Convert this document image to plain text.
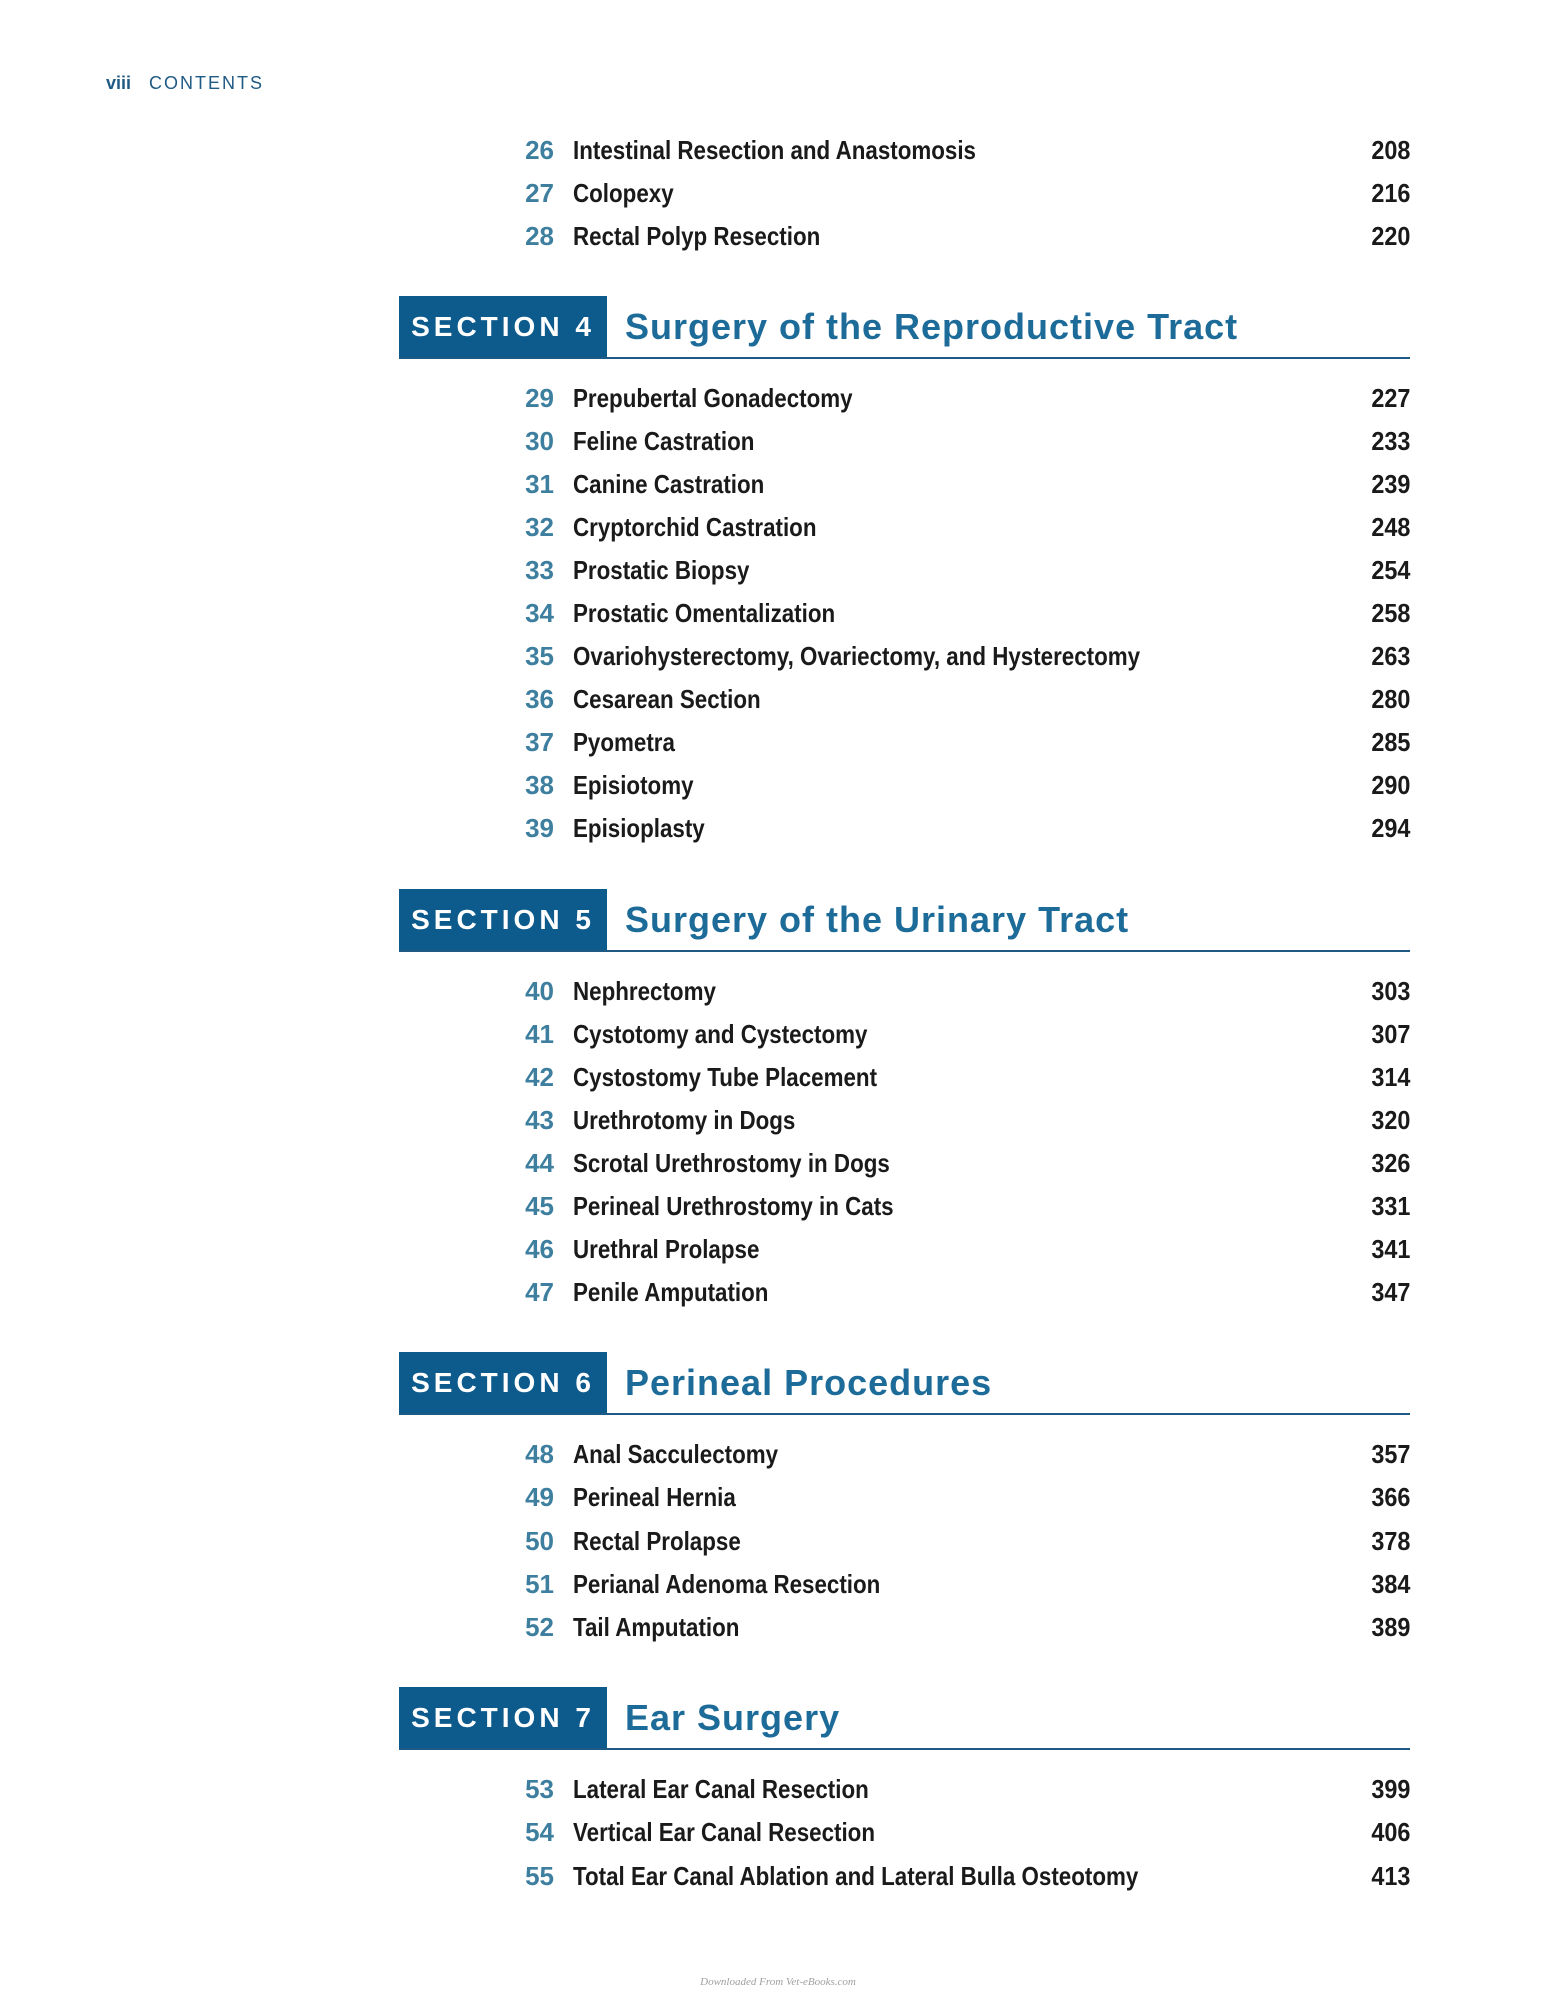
viii CONTENTS
26 Intestinal Resection and Anastomosis	208
27 Colopexy	216
28 Rectal Polyp Resection	220
SECTION 4 Surgery of the Reproductive Tract
29 Prepubertal Gonadectomy	227
30 Feline Castration	233
31 Canine Castration	239
32 Cryptorchid Castration	248
33 Prostatic Biopsy	254
34 Prostatic Omentalization	258
35 Ovariohysterectomy, Ovariectomy, and Hysterectomy	263
36 Cesarean Section	280
37 Pyometra	285
38 Episiotomy	290
39 Episioplasty	294
SECTION 5 Surgery of the Urinary Tract
40 Nephrectomy	303
41 Cystotomy and Cystectomy	307
42 Cystostomy Tube Placement	314
43 Urethrotomy in Dogs	320
44 Scrotal Urethrostomy in Dogs	326
45 Perineal Urethrostomy in Cats	331
46 Urethral Prolapse	341
47 Penile Amputation	347
SECTION 6 Perineal Procedures
48 Anal Sacculectomy	357
49 Perineal Hernia	366
50 Rectal Prolapse	378
51 Perianal Adenoma Resection	384
52 Tail Amputation	389
SECTION 7 Ear Surgery
53 Lateral Ear Canal Resection	399
54 Vertical Ear Canal Resection	406
55 Total Ear Canal Ablation and Lateral Bulla Osteotomy	413
Downloaded From Vet-eBooks.com
